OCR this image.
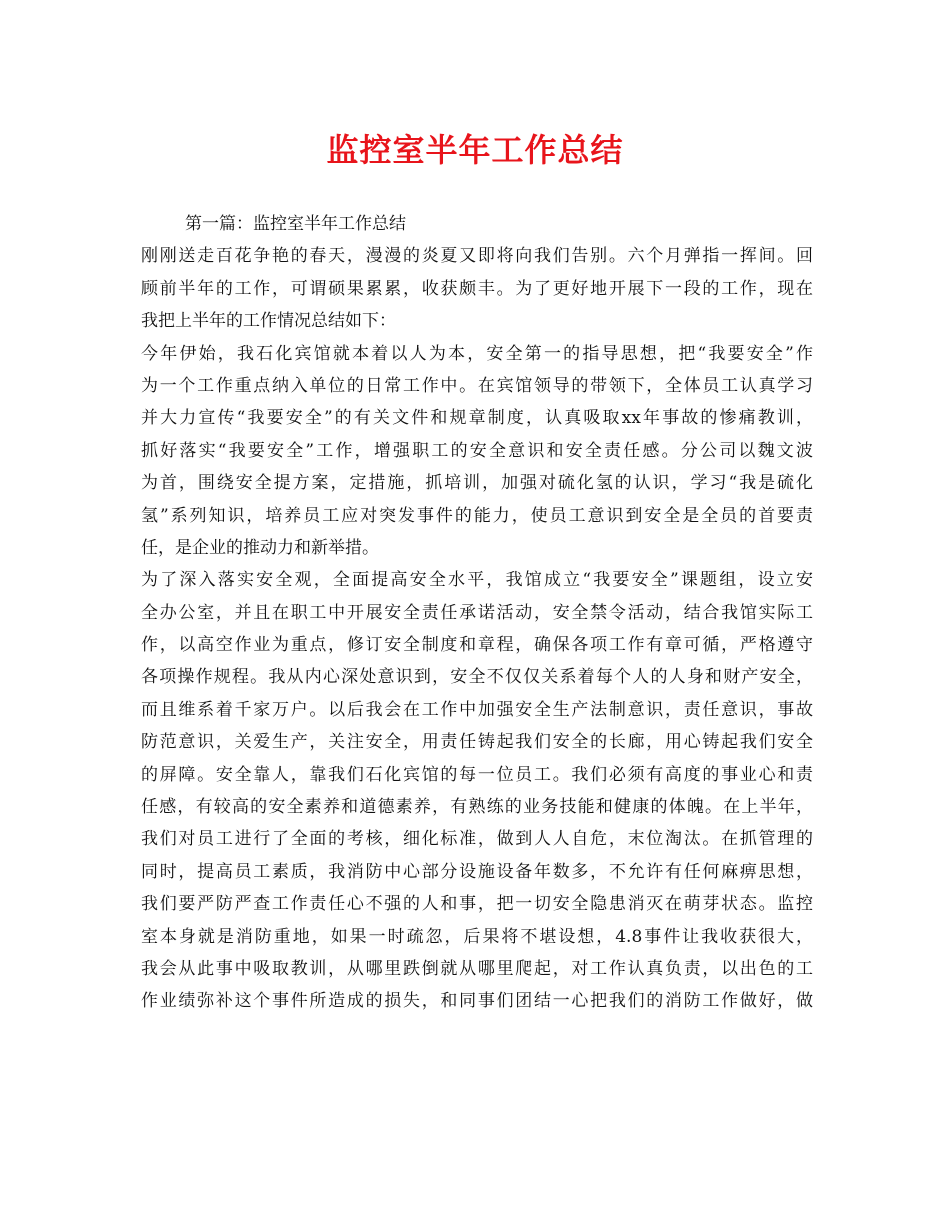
监控室半年工作总结
第一篇：监控室半年工作总结
刚刚送走百花争艳的春天，漫漫的炎夏又即将向我们告别。六个月弹指一挥间。回
顾前半年的工作，可谓硕果累累，收获颇丰。为了更好地开展下一段的工作，现在
我把上半年的工作情况总结如下：
今年伊始，我石化宾馆就本着以人为本，安全第一的指导思想，把“我要安全”作
为一个工作重点纳入单位的日常工作中。在宾馆领导的带领下，全体员工认真学习
并大力宣传“我要安全”的有关文件和规章制度，认真吸取xx年事故的惨痛教训，
抓好落实“我要安全”工作，增强职工的安全意识和安全责任感。分公司以魏文波
为首，围绕安全提方案，定措施，抓培训，加强对硫化氢的认识，学习“我是硫化
氢”系列知识，培养员工应对突发事件的能力，使员工意识到安全是全员的首要责
任，是企业的推动力和新举措。
为了深入落实安全观，全面提高安全水平，我馆成立“我要安全”课题组，设立安
全办公室，并且在职工中开展安全责任承诺活动，安全禁令活动，结合我馆实际工
作，以高空作业为重点，修订安全制度和章程，确保各项工作有章可循，严格遵守
各项操作规程。我从内心深处意识到，安全不仅仅关系着每个人的人身和财产安全，
而且维系着千家万户。以后我会在工作中加强安全生产法制意识，责任意识，事故
防范意识，关爱生产，关注安全，用责任铸起我们安全的长廊，用心铸起我们安全
的屏障。安全靠人，靠我们石化宾馆的每一位员工。我们必须有高度的事业心和责
任感，有较高的安全素养和道德素养，有熟练的业务技能和健康的体魄。在上半年，
我们对员工进行了全面的考核，细化标准，做到人人自危，末位淘汰。在抓管理的
同时，提高员工素质，我消防中心部分设施设备年数多，不允许有任何麻痹思想，
我们要严防严查工作责任心不强的人和事，把一切安全隐患消灭在萌芽状态。监控
室本身就是消防重地，如果一时疏忽，后果将不堪设想，4.8事件让我收获很大，
我会从此事中吸取教训，从哪里跌倒就从哪里爬起，对工作认真负责，以出色的工
作业绩弥补这个事件所造成的损失，和同事们团结一心把我们的消防工作做好，做
